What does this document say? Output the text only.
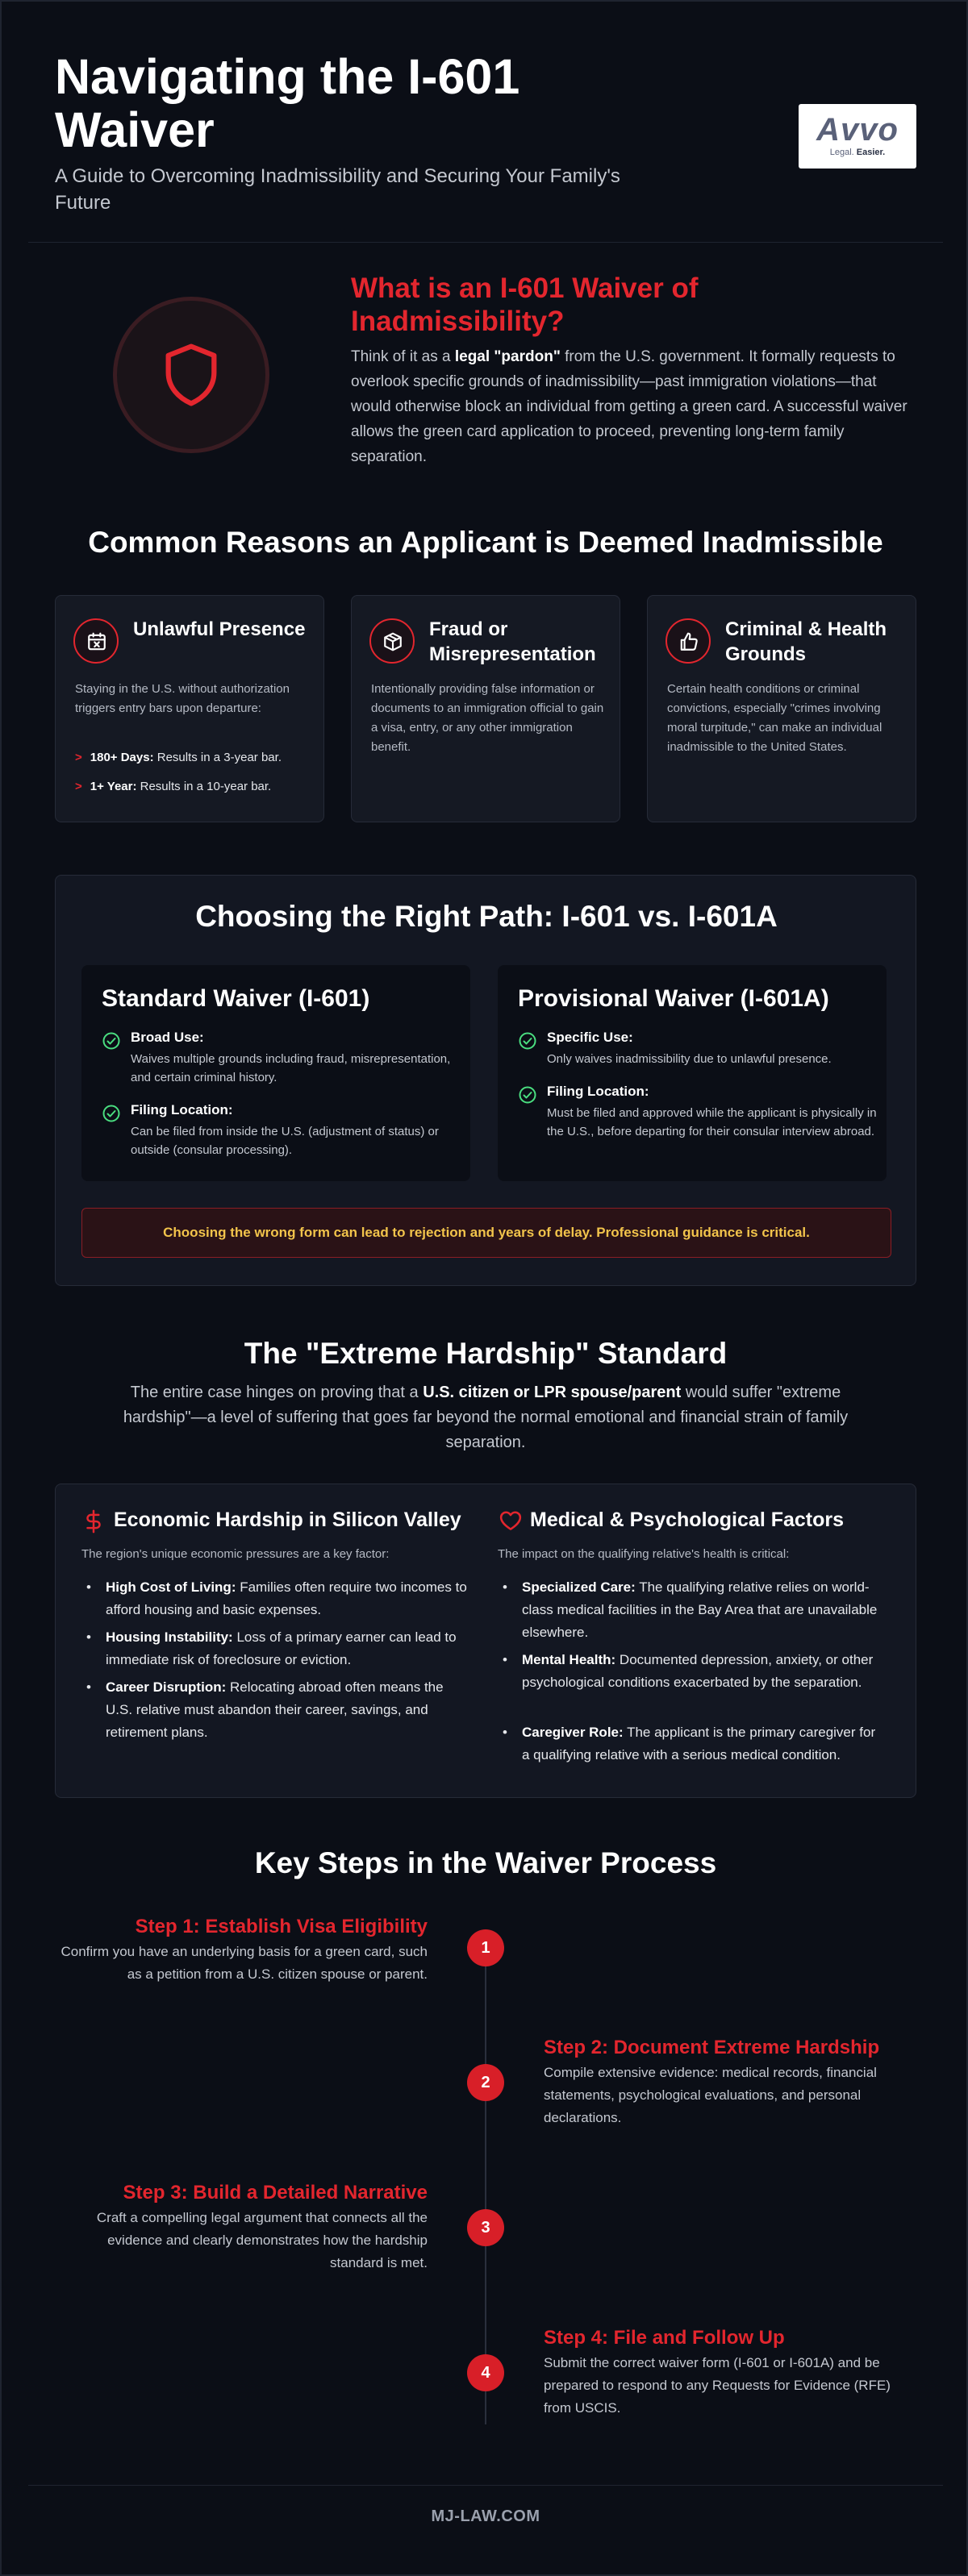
Navigating the I-601 Waiver

A Guide to Overcoming Inadmissibility and Securing Your Family's Future

Avvo
Legal. Easier.
What is an I-601 Waiver of Inadmissibility?

Think of it as a legal "pardon" from the U.S. government. It formally requests to overlook specific grounds of inadmissibility—past immigration violations—that would otherwise block an individual from getting a green card. A successful waiver allows the green card application to proceed, preventing long-term family separation.

Common Reasons an Applicant is Deemed Inadmissible
Unlawful Presence

Staying in the U.S. without authorization triggers entry bars upon departure:

> 180+ Days: Results in a 3-year bar.
> 1+ Year: Results in a 10-year bar.
Fraud or Misrepresentation

Intentionally providing false information or documents to an immigration official to gain a visa, entry, or any other immigration benefit.

Criminal & Health Grounds

Certain health conditions or criminal convictions, especially "crimes involving moral turpitude," can make an individual inadmissible to the United States.

Choosing the Right Path: I-601 vs. I-601A
Standard Waiver (I-601)
Broad Use:
Waives multiple grounds including fraud, misrepresentation, and certain criminal history.
Filing Location:
Can be filed from inside the U.S. (adjustment of status) or outside (consular processing).
Provisional Waiver (I-601A)
Specific Use:
Only waives inadmissibility due to unlawful presence.
Filing Location:
Must be filed and approved while the applicant is physically in the U.S., before departing for their consular interview abroad.
Choosing the wrong form can lead to rejection and years of delay. Professional guidance is critical.
The "Extreme Hardship" Standard

The entire case hinges on proving that a U.S. citizen or LPR spouse/parent would suffer "extreme hardship"—a level of suffering that goes far beyond the normal emotional and financial strain of family separation.

Economic Hardship in Silicon Valley

The region's unique economic pressures are a key factor:

• High Cost of Living: Families often require two incomes to afford housing and basic expenses.
• Housing Instability: Loss of a primary earner can lead to immediate risk of foreclosure or eviction.
• Career Disruption: Relocating abroad often means the U.S. relative must abandon their career, savings, and retirement plans.
Medical & Psychological Factors

The impact on the qualifying relative's health is critical:

• Specialized Care: The qualifying relative relies on world-class medical facilities in the Bay Area that are unavailable elsewhere.
• Mental Health: Documented depression, anxiety, or other psychological conditions exacerbated by the separation.
• Caregiver Role: The applicant is the primary caregiver for a qualifying relative with a serious medical condition.
Key Steps in the Waiver Process
Step 1: Establish Visa Eligibility
Confirm you have an underlying basis for a green card, such as a petition from a U.S. citizen spouse or parent.
1
Step 2: Document Extreme Hardship
Compile extensive evidence: medical records, financial statements, psychological evaluations, and personal declarations.
2
Step 3: Build a Detailed Narrative
Craft a compelling legal argument that connects all the evidence and clearly demonstrates how the hardship standard is met.
3
Step 4: File and Follow Up
Submit the correct waiver form (I-601 or I-601A) and be prepared to respond to any Requests for Evidence (RFE) from USCIS.
4
MJ-LAW.COM
